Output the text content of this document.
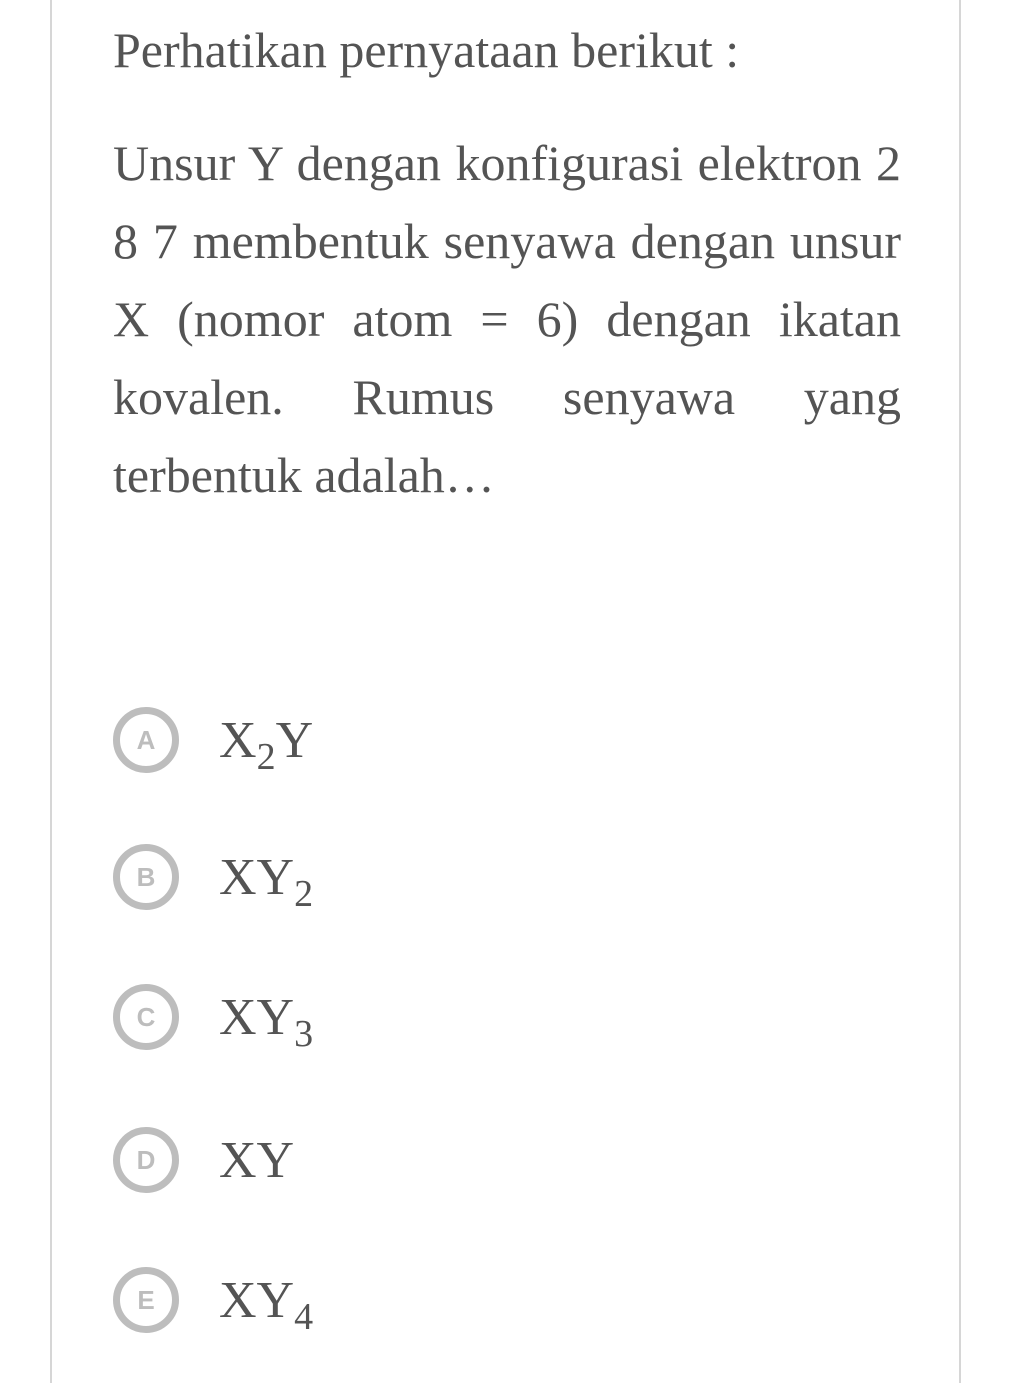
Perhatikan pernyataan berikut :
Unsur Y dengan konfigurasi elektron 2 8 7 membentuk senyawa dengan unsur X (nomor atom = 6) dengan ikatan kovalen. Rumus senyawa yang terbentuk adalah…
A	$X_2Y$
B	$XY_2$
C	$XY_3$
D	XY
E	$XY_4$
